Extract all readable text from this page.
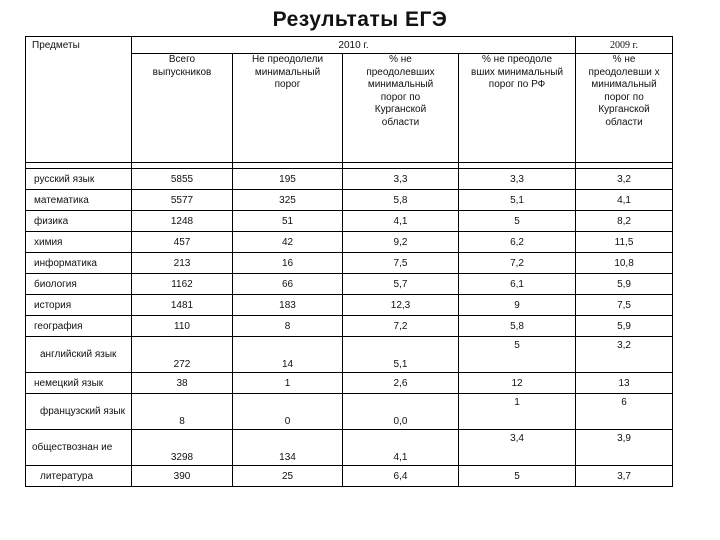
Результаты ЕГЭ
Предметы	2010 г.				2009 г.
	Всего выпускников	Не преодолели минимальный порог	% не преодолевших минимальный порог по Курганской области	% не преодоле вших минимальный порог по РФ	% не преодолевши х минимальный порог по Курганской области

русский язык	5855	195	3,3	3,3	3,2
математика	5577	325	5,8	5,1	4,1
физика	1248	51	4,1	5	8,2
химия	457	42	9,2	6,2	11,5
информатика	213	16	7,5	7,2	10,8
биология	1162	66	5,7	6,1	5,9
история	1481	183	12,3	9	7,5
география	110	8	7,2	5,8	5,9
английский язык	272	14	5,1	5	3,2
немецкий язык	38	1	2,6	12	13
французский язык	8	0	0,0	1	6
обществознан ие	3298	134	4,1	3,4	3,9
литература	390	25	6,4	5	3,7
